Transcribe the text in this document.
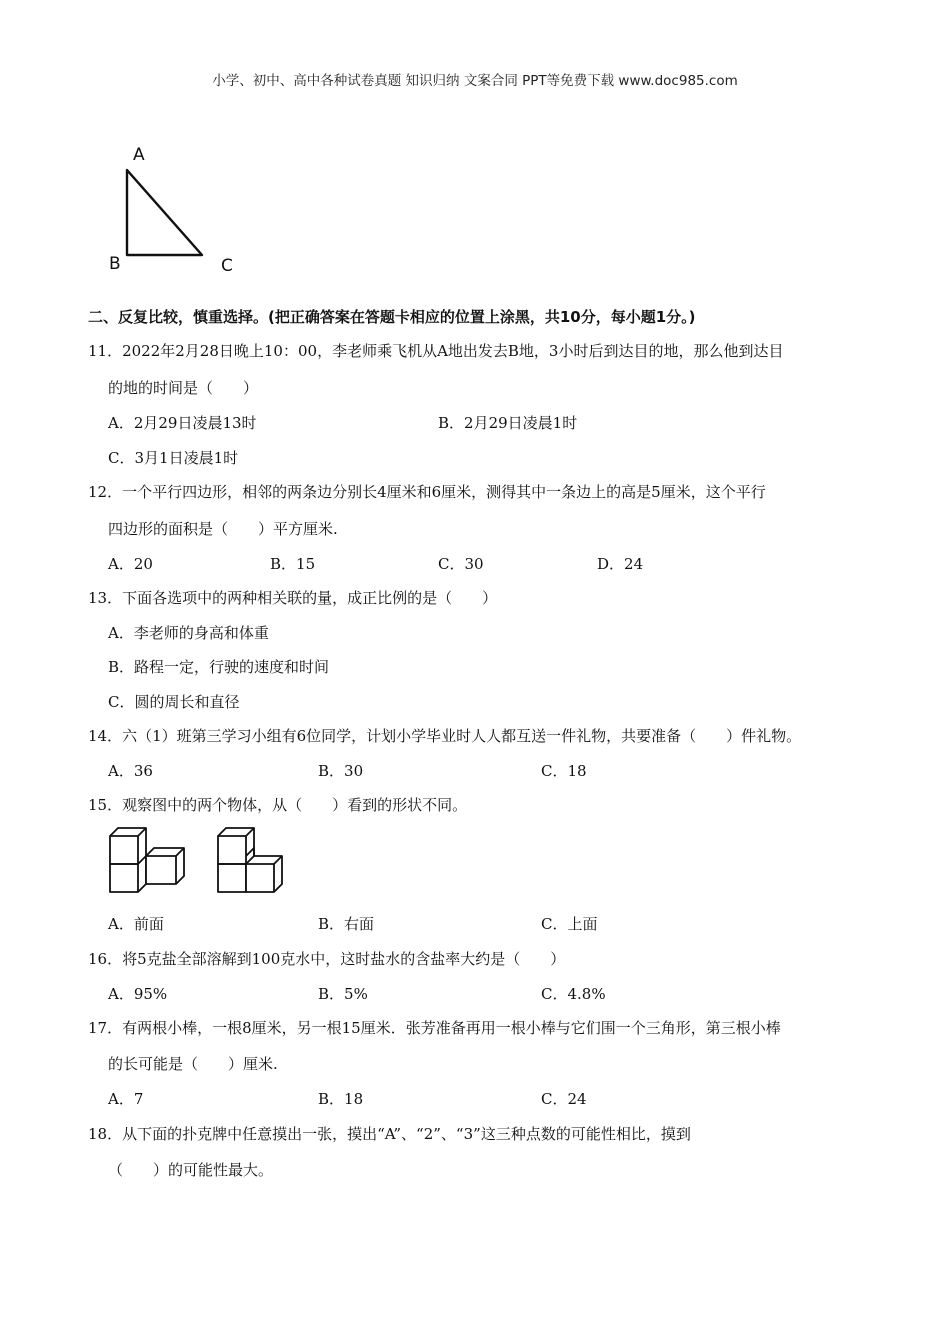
小学、初中、高中各种试卷真题 知识归纳 文案合同 PPT等免费下载 www.doc985.com
A
B	C
二、反复比较，慎重选择。(把正确答案在答题卡相应的位置上涂黑，共10分，每小题1分。)
11．2022年2月28日晚上10：00，李老师乘飞机从A地出发去B地，3小时后到达目的地，那么他到达目
的地的时间是（　　）
A．2月29日凌晨13时	B．2月29日凌晨1时
C．3月1日凌晨1时
12．一个平行四边形，相邻的两条边分别长4厘米和6厘米，测得其中一条边上的高是5厘米，这个平行
四边形的面积是（　　）平方厘米.
A．20	B．15	C．30	D．24
13．下面各选项中的两种相关联的量，成正比例的是（　　）
A．李老师的身高和体重
B．路程一定，行驶的速度和时间
C．圆的周长和直径
14．六（1）班第三学习小组有6位同学，计划小学毕业时人人都互送一件礼物，共要准备（　　）件礼物。
A．36	B．30	C．18
15．观察图中的两个物体，从（　　）看到的形状不同。
A．前面	B．右面	C．上面
16．将5克盐全部溶解到100克水中，这时盐水的含盐率大约是（　　）
A．95%	B．5%	C．4.8%
17．有两根小棒，一根8厘米，另一根15厘米．张芳准备再用一根小棒与它们围一个三角形，第三根小棒
的长可能是（　　）厘米.
A．7	B．18	C．24
18．从下面的扑克牌中任意摸出一张，摸出“A”、“2”、“3”这三种点数的可能性相比，摸到
（　　）的可能性最大。
